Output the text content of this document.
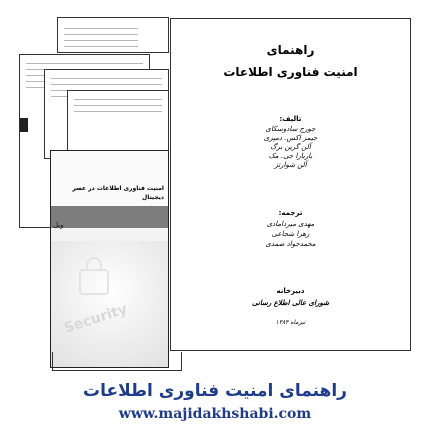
امنیت فناوری اطلاعات در عصر دیجیتال
ویل
Security
راهنمای
امنیت فناوری اطلاعات
تالیف:
جورج سادوسکای
جیمز اکس. دمپزی
آلن گرین برگ
باربارا جی. مک
آلن شوارتز
ترجمه:
مهدی میردامادی
زهرا شجاعی
محمدجواد صمدی
دبیرخانه
شورای عالی اطلاع رسانی
تیرماه ۱۳۸۴
راهنمای امنیت فناوری اطلاعات
www.majidakhshabi.com
